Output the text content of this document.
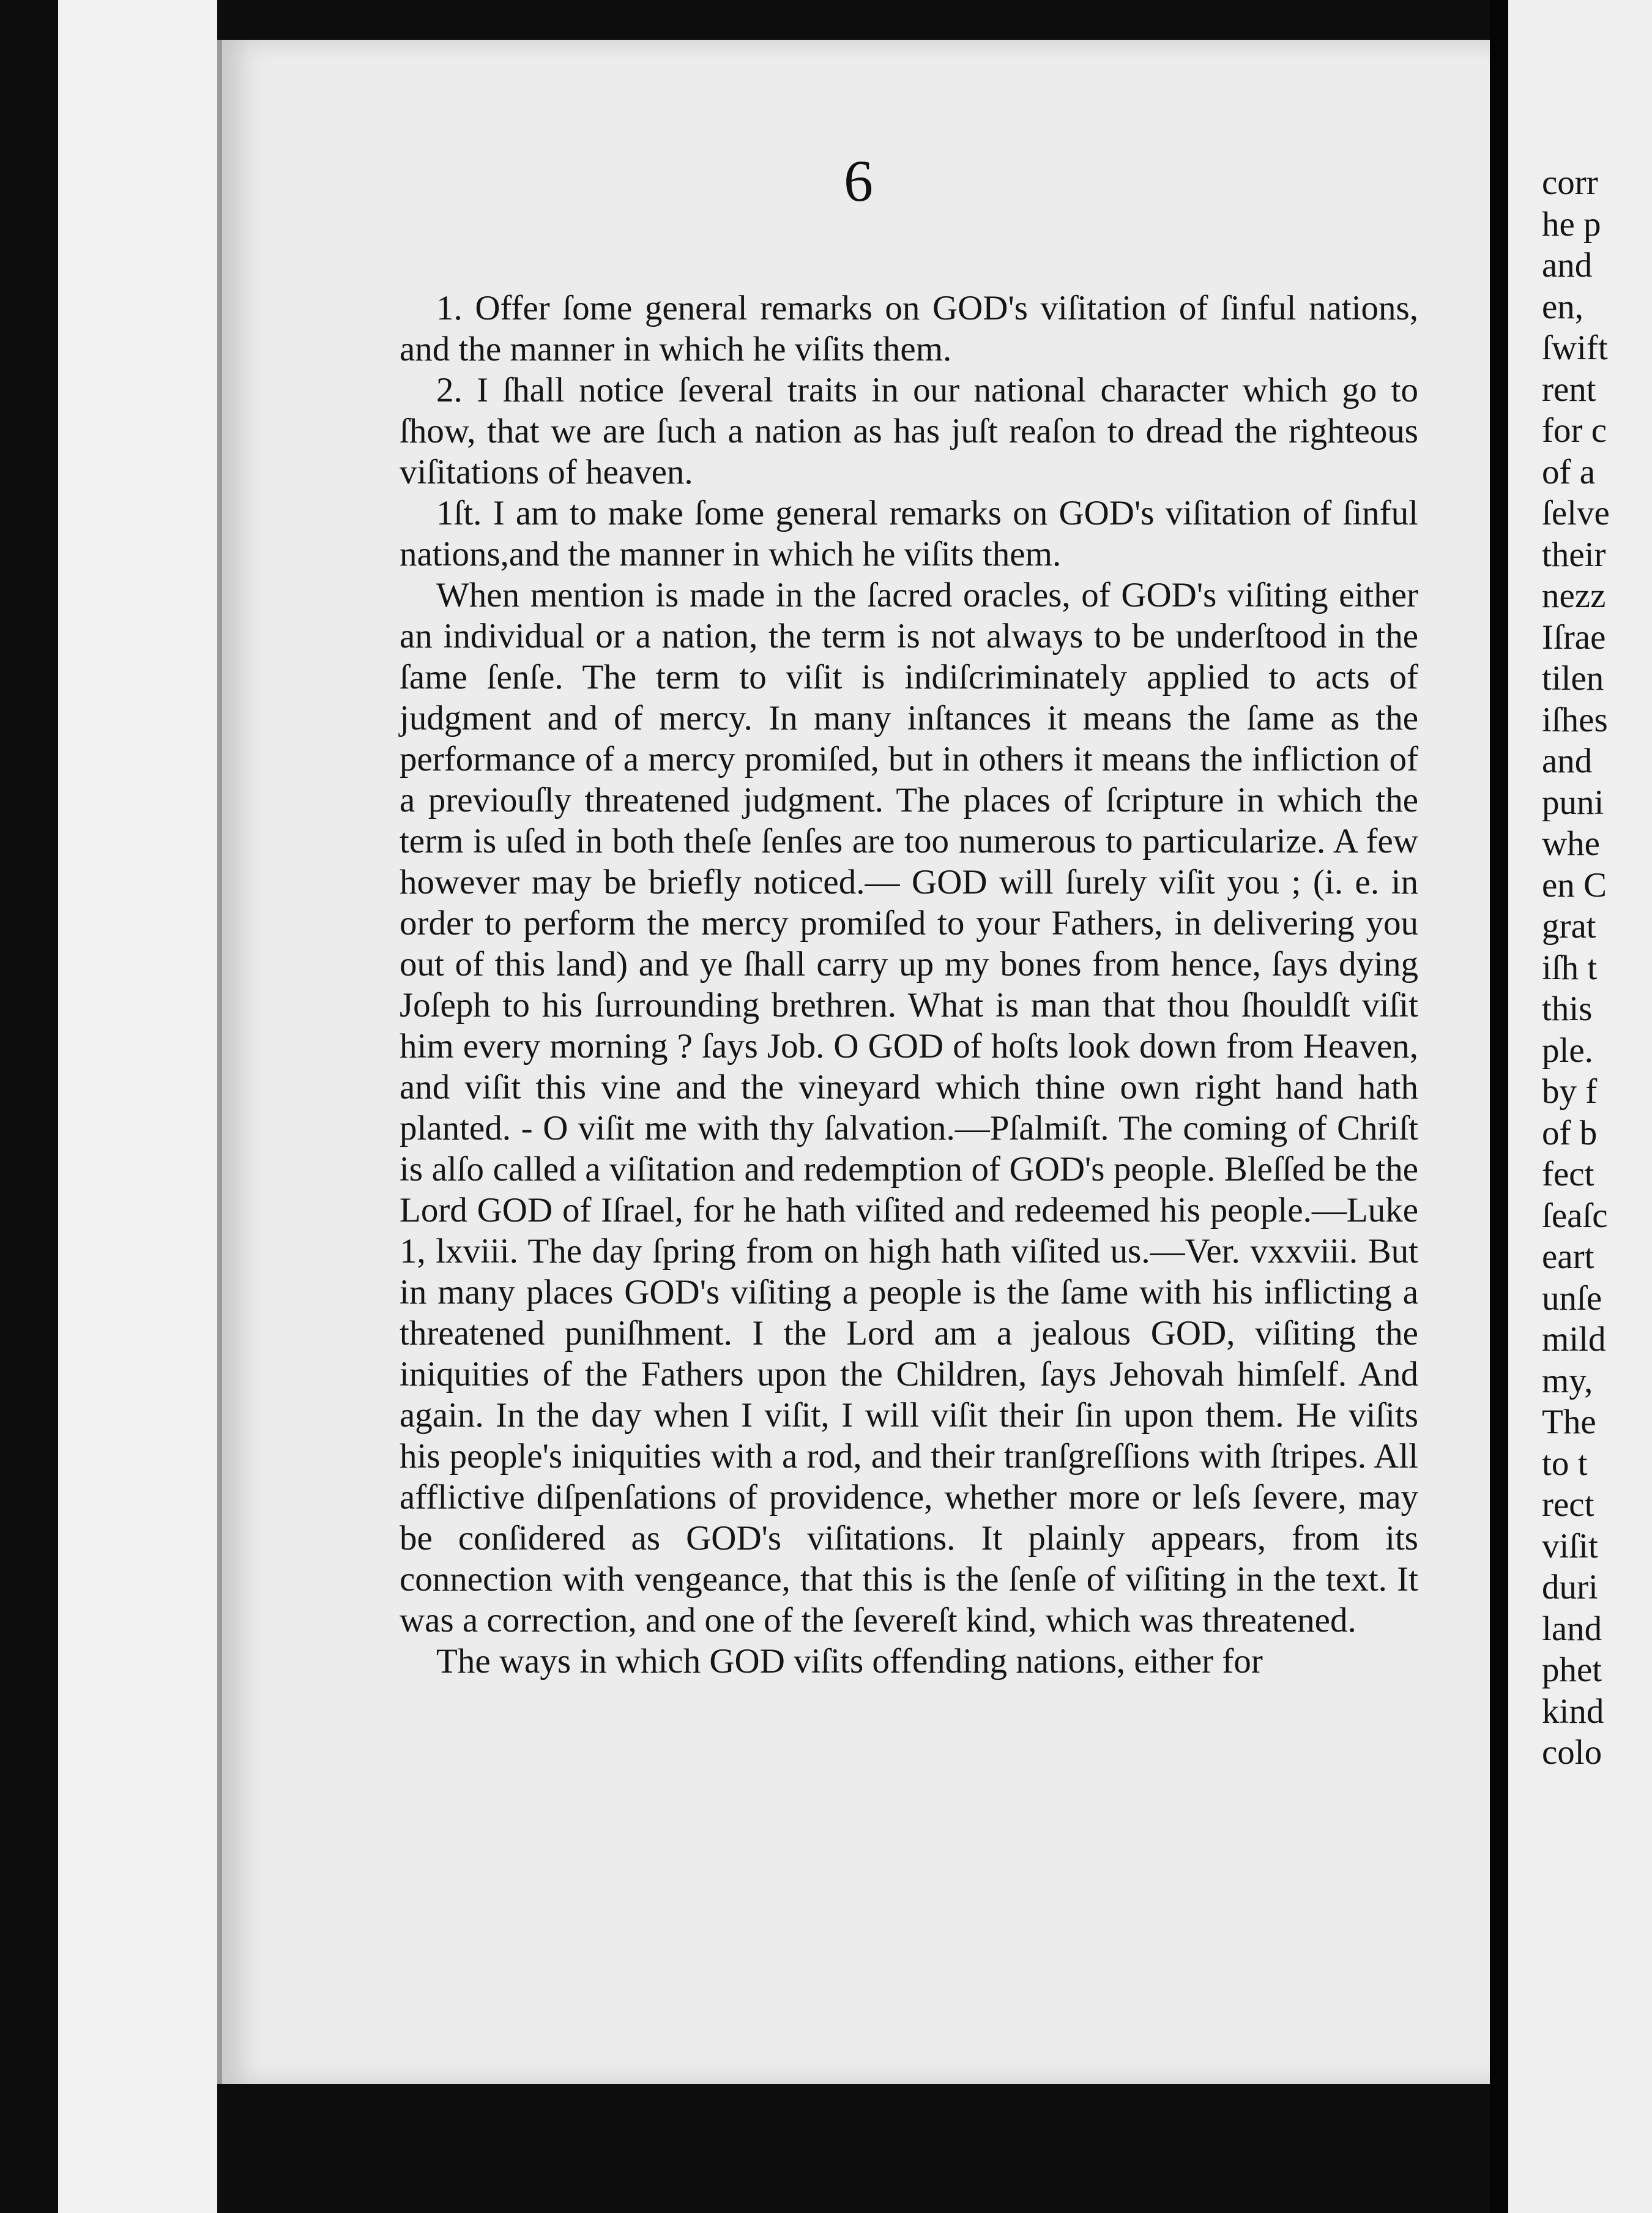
6

1. Offer ſome general remarks on GOD's viſitation of ſinful nations, and the manner in which he viſits them.

2. I ſhall notice ſeveral traits in our national character which go to ſhow, that we are ſuch a nation as has juſt reaſon to dread the righteous viſitations of heaven.

1ſt. I am to make ſome general remarks on GOD's viſitation of ſinful nations,and the manner in which he viſits them.

When mention is made in the ſacred oracles, of GOD's viſiting either an individual or a nation, the term is not always to be underſtood in the ſame ſenſe. The term to viſit is indiſcriminately applied to acts of judgment and of mercy. In many inſtances it means the ſame as the performance of a mercy promiſed, but in others it means the infliction of a previouſly threatened judgment. The places of ſcripture in which the term is uſed in both theſe ſenſes are too numerous to particularize. A few however may be briefly noticed.— GOD will ſurely viſit you ; (i. e. in order to perform the mercy promiſed to your Fathers, in delivering you out of this land) and ye ſhall carry up my bones from hence, ſays dying Joſeph to his ſurrounding brethren. What is man that thou ſhouldſt viſit him every morning ? ſays Job. O GOD of hoſts look down from Heaven, and viſit this vine and the vineyard which thine own right hand hath planted. - O viſit me with thy ſalvation.—Pſalmiſt. The coming of Chriſt is alſo called a viſitation and redemption of GOD's people. Bleſſed be the Lord GOD of Iſrael, for he hath viſited and redeemed his people.—Luke 1, lxviii. The day ſpring from on high hath viſited us.—Ver. vxxviii. But in many places GOD's viſiting a people is the ſame with his inflicting a threatened puniſhment. I the Lord am a jealous GOD, viſiting the iniquities of the Fathers upon the Children, ſays Jehovah himſelf. And again. In the day when I viſit, I will viſit their ſin upon them. He viſits his people's iniquities with a rod, and their tranſgreſſions with ſtripes. All afflictive diſpenſations of providence, whether more or leſs ſevere, may be conſidered as GOD's viſitations. It plainly appears, from its connection with vengeance, that this is the ſenſe of viſiting in the text. It was a correction, and one of the ſevereſt kind, which was threatened.

The ways in which GOD viſits offending nations, either for

corr
he p
and
en,
ſwift
rent
for c
of a
ſelve
their
nezz
Iſrae
tilen
iſhes
and
puni
whe
en C
grat
iſh t
this
ple.
by f
of b
fect
ſeaſc
eart
unſe
mild
my,
The
to t
rect
viſit
duri
land
phet
kind
colo
